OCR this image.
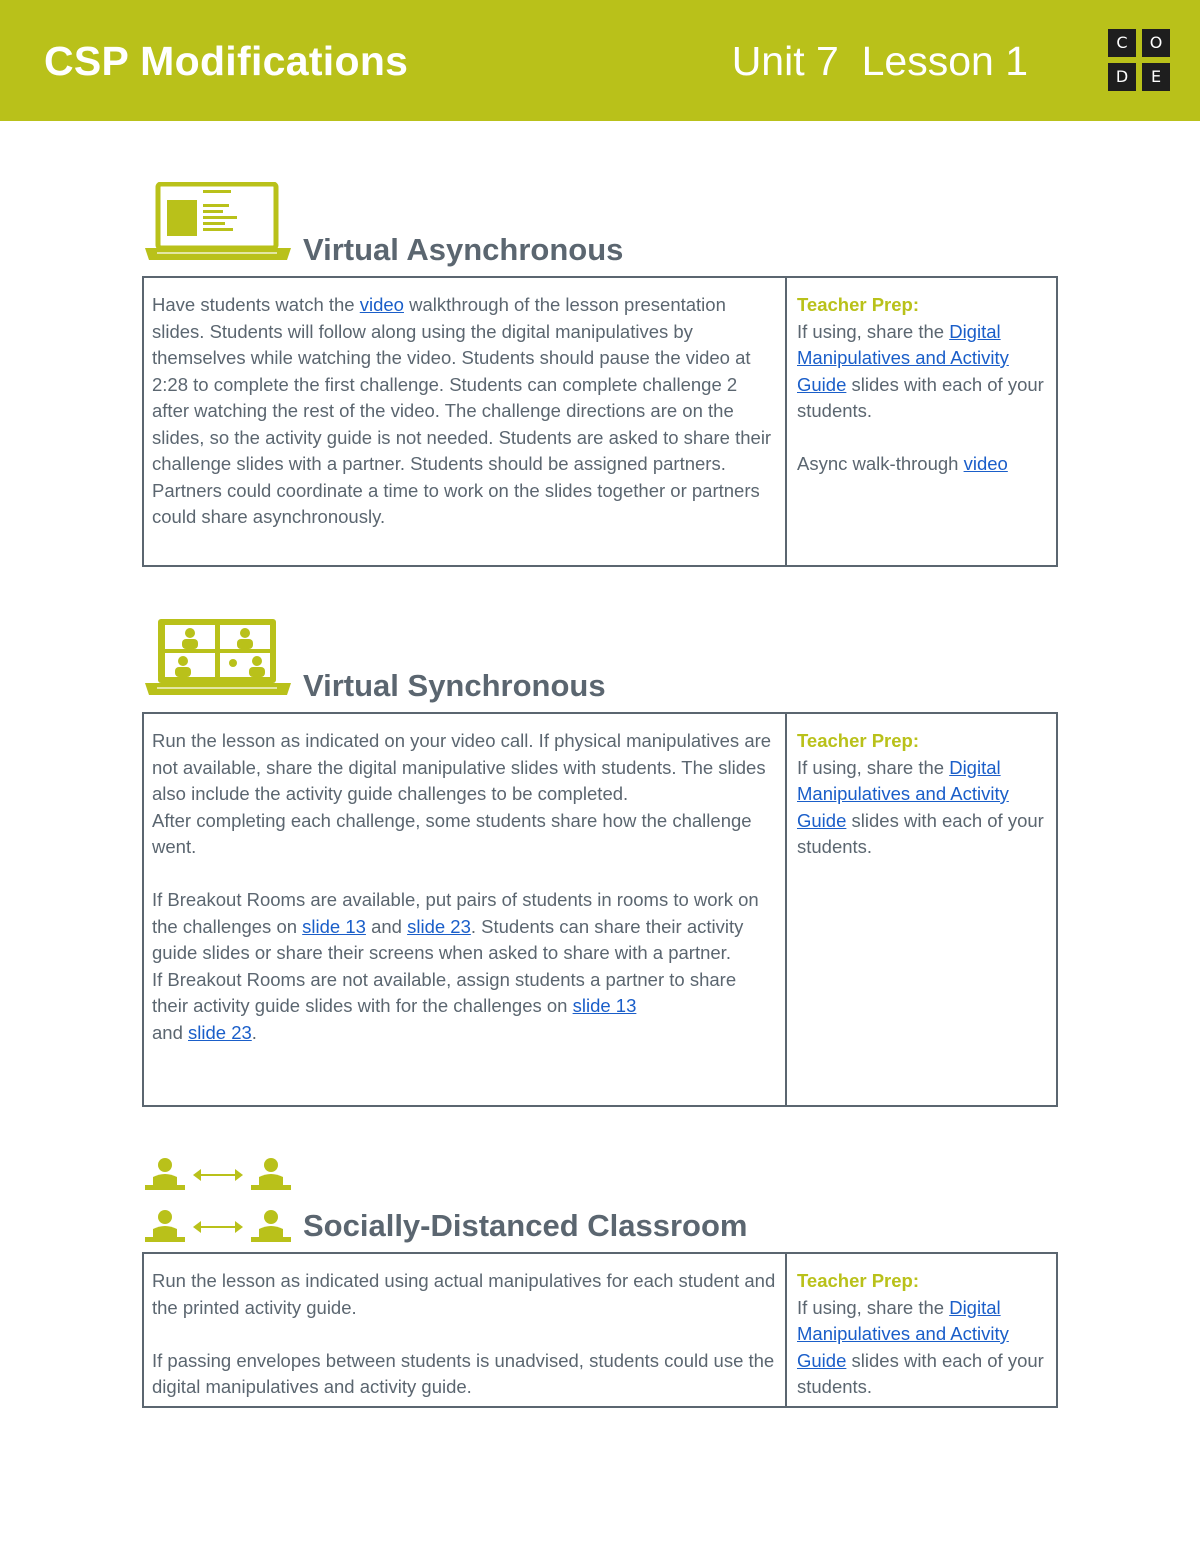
CSP Modifications	Unit 7  Lesson 1	C	O
D	E
Virtual Asynchronous

Have students watch the video walkthrough of the lesson presentation slides. Students will follow along using the digital manipulatives by themselves while watching the video. Students should pause the video at 2:28 to complete the first challenge. Students can complete challenge 2 after watching the rest of the video. The challenge directions are on the slides, so the activity guide is not needed. Students are asked to share their challenge slides with a partner. Students should be assigned partners. Partners could coordinate a time to work on the slides together or partners could share asynchronously.

Teacher Prep:

If using, share the Digital Manipulatives and Activity Guide slides with each of your students.

Async walk-through video

Virtual Synchronous

Run the lesson as indicated on your video call. If physical manipulatives are not available, share the digital manipulative slides with students. The slides also include the activity guide challenges to be completed.

After completing each challenge, some students share how the challenge went.

If Breakout Rooms are available, put pairs of students in rooms to work on the challenges on slide 13 and slide 23. Students can share their activity guide slides or share their screens when asked to share with a partner.

If Breakout Rooms are not available, assign students a partner to share their activity guide slides with for the challenges on slide 13
and slide 23.

Teacher Prep:

If using, share the Digital Manipulatives and Activity Guide slides with each of your students.

Socially-Distanced Classroom

Run the lesson as indicated using actual manipulatives for each student and the printed activity guide.

If passing envelopes between students is unadvised, students could use the digital manipulatives and activity guide.

Teacher Prep:

If using, share the Digital Manipulatives and Activity Guide slides with each of your students.
